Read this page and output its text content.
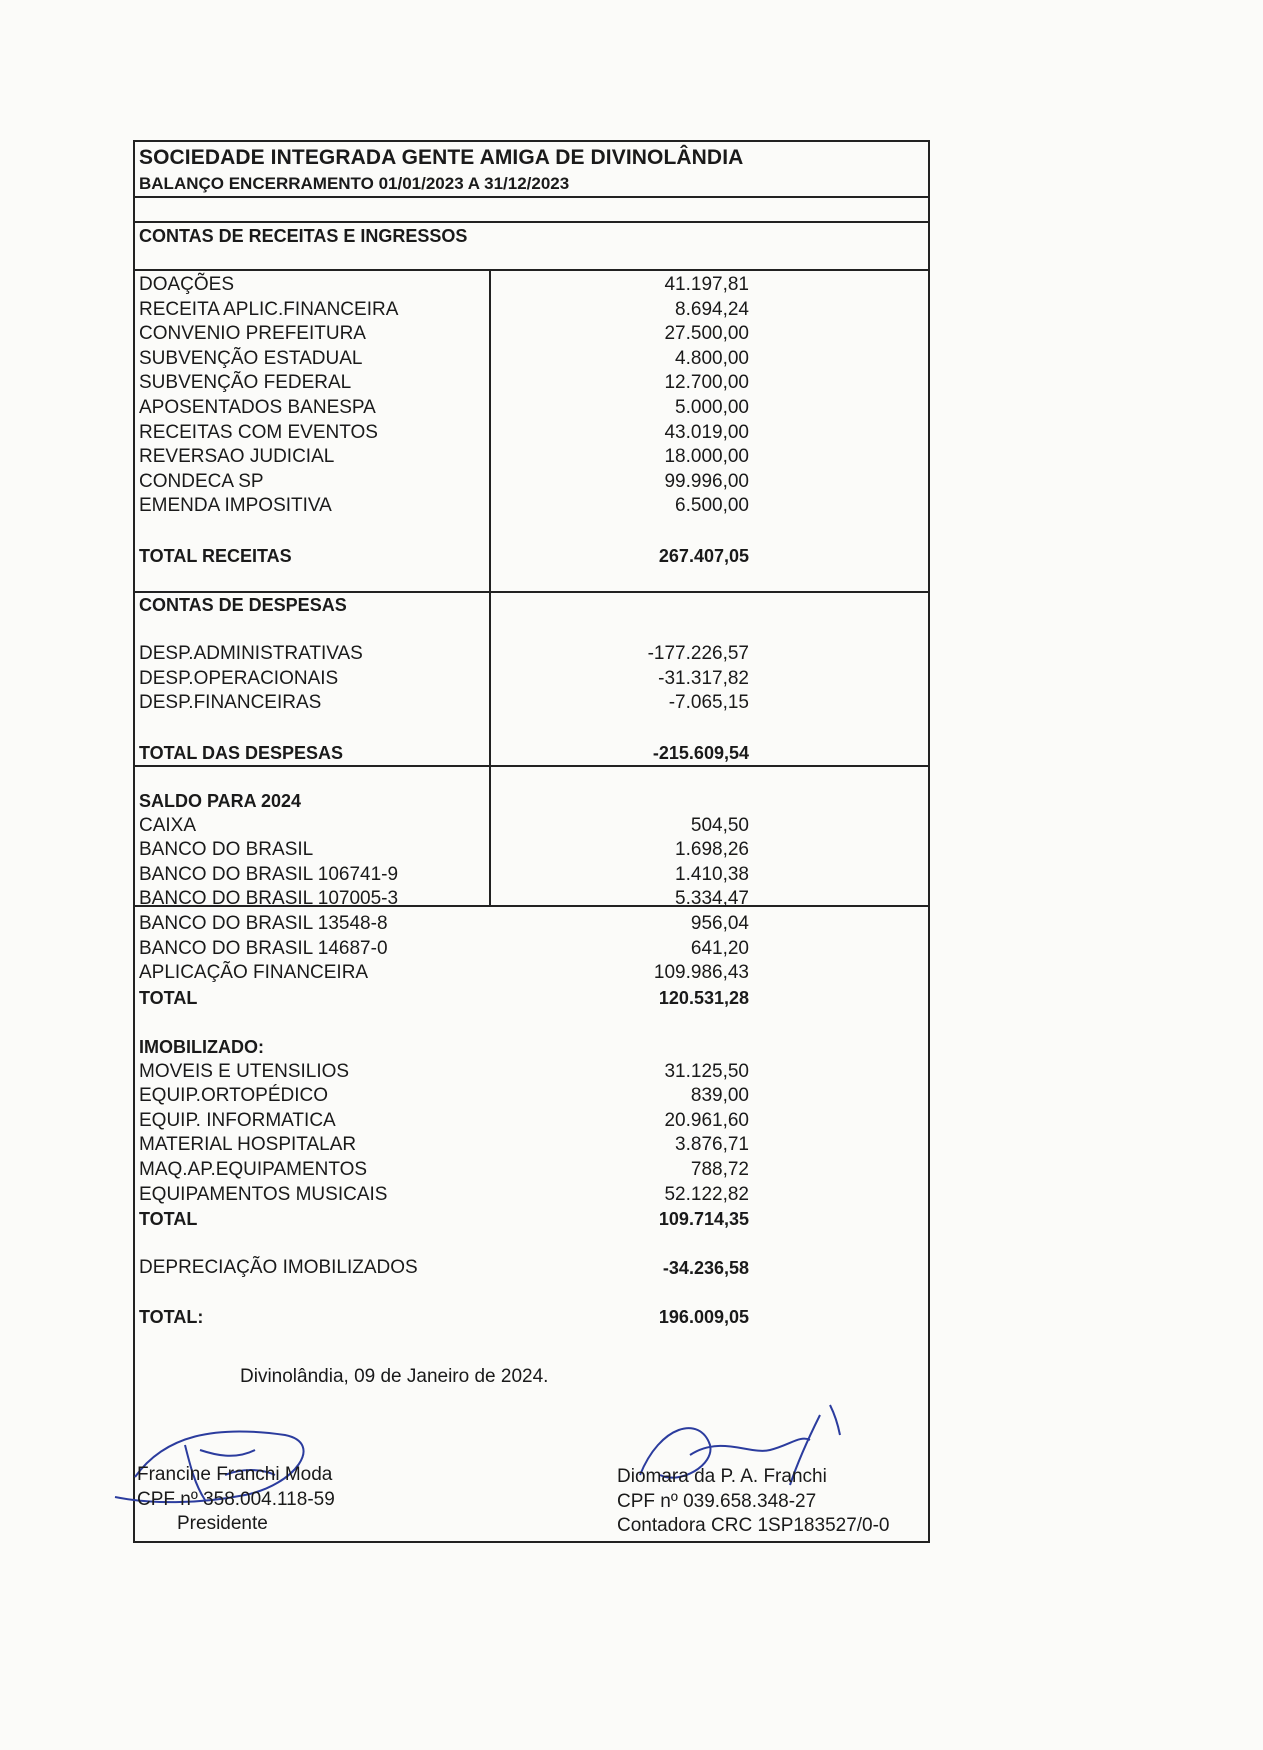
SOCIEDADE INTEGRADA GENTE AMIGA DE DIVINOLÂNDIA
BALANÇO ENCERRAMENTO 01/01/2023 A 31/12/2023
CONTAS DE RECEITAS E INGRESSOS
DOAÇÕES	41.197,81
RECEITA APLIC.FINANCEIRA	8.694,24
CONVENIO PREFEITURA	27.500,00
SUBVENÇÃO ESTADUAL	4.800,00
SUBVENÇÃO FEDERAL	12.700,00
APOSENTADOS BANESPA	5.000,00
RECEITAS COM EVENTOS	43.019,00
REVERSAO JUDICIAL	18.000,00
CONDECA SP	99.996,00
EMENDA IMPOSITIVA	6.500,00
TOTAL RECEITAS	267.407,05
CONTAS DE DESPESAS
DESP.ADMINISTRATIVAS	-177.226,57
DESP.OPERACIONAIS	-31.317,82
DESP.FINANCEIRAS	-7.065,15
TOTAL DAS DESPESAS	-215.609,54
SALDO PARA 2024
CAIXA	504,50
BANCO DO BRASIL	1.698,26
BANCO DO BRASIL 106741-9	1.410,38
BANCO DO BRASIL 107005-3	5.334,47
BANCO DO BRASIL 13548-8	956,04
BANCO DO BRASIL 14687-0	641,20
APLICAÇÃO FINANCEIRA	109.986,43
TOTAL	120.531,28
IMOBILIZADO:
MOVEIS E UTENSILIOS	31.125,50
EQUIP.ORTOPÉDICO	839,00
EQUIP. INFORMATICA	20.961,60
MATERIAL HOSPITALAR	3.876,71
MAQ.AP.EQUIPAMENTOS	788,72
EQUIPAMENTOS MUSICAIS	52.122,82
TOTAL	109.714,35
DEPRECIAÇÃO IMOBILIZADOS	-34.236,58
TOTAL:	196.009,05
Divinolândia, 09 de Janeiro de 2024.
Francine Franchi Moda
CPF nº 358.004.118-59
Presidente
Diomara da P. A. Franchi
CPF nº 039.658.348-27
Contadora CRC 1SP183527/0-0
